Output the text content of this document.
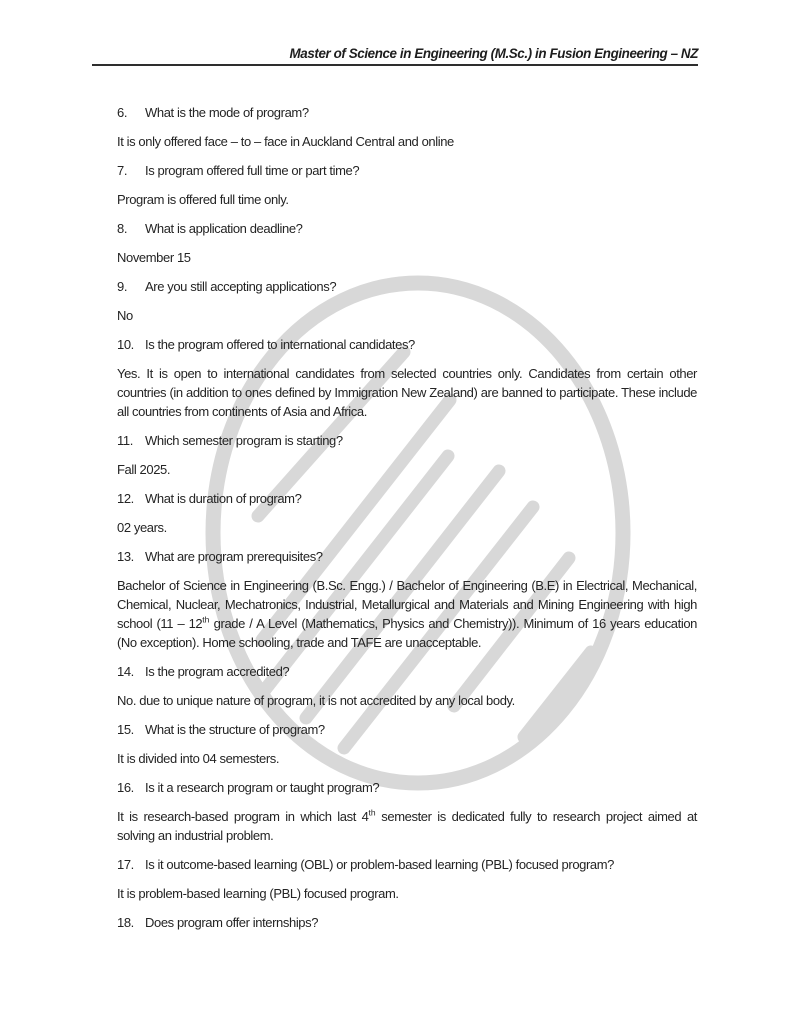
Master of Science in Engineering (M.Sc.) in Fusion Engineering – NZ
6.	What is the mode of program?

It is only offered face – to – face in Auckland Central and online

7.	Is program offered full time or part time?

Program is offered full time only.

8.	What is application deadline?

November 15

9.	Are you still accepting applications?

No

10. Is the program offered to international candidates?

Yes. It is open to international candidates from selected countries only. Candidates from certain other countries (in addition to ones defined by Immigration New Zealand) are banned to participate. These include all countries from continents of Asia and Africa.

11. Which semester program is starting?

Fall 2025.

12. What is duration of program?

02 years.

13. What are program prerequisites?

Bachelor of Science in Engineering (B.Sc. Engg.) / Bachelor of Engineering (B.E) in Electrical, Mechanical, Chemical, Nuclear, Mechatronics, Industrial, Metallurgical and Materials and Mining Engineering with high school (11 – 12th grade / A Level (Mathematics, Physics and Chemistry)). Minimum of 16 years education (No exception). Home schooling, trade and TAFE are unacceptable.

14. Is the program accredited?

No. due to unique nature of program, it is not accredited by any local body.

15. What is the structure of program?

It is divided into 04 semesters.

16. Is it a research program or taught program?

It is research-based program in which last 4th semester is dedicated fully to research project aimed at solving an industrial problem.

17. Is it outcome-based learning (OBL) or problem-based learning (PBL) focused program?

It is problem-based learning (PBL) focused program.

18. Does program offer internships?
